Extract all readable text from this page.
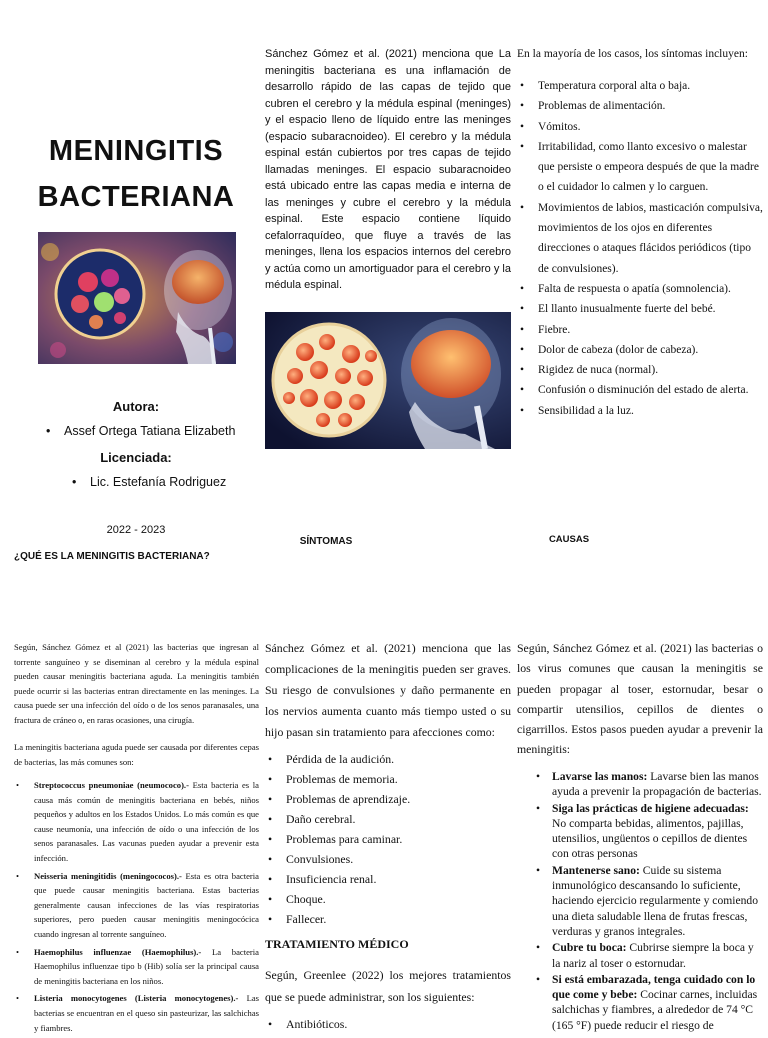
MENINGITIS
BACTERIANA
Autora:
• Assef Ortega Tatiana Elizabeth
Licenciada:
• Lic. Estefanía Rodriguez
2022 - 2023
¿QUÉ ES LA MENINGITIS BACTERIANA?
Sánchez Gómez et al. (2021) menciona que La meningitis bacteriana es una inflamación de desarrollo rápido de las capas de tejido que cubren el cerebro y la médula espinal (meninges) y el espacio lleno de líquido entre las meninges (espacio subaracnoideo). El cerebro y la médula espinal están cubiertos por tres capas de tejido llamadas meninges. El espacio subaracnoideo está ubicado entre las capas media e interna de las meninges y cubre el cerebro y la médula espinal. Este espacio contiene líquido cefalorraquídeo, que fluye a través de las meninges, llena los espacios internos del cerebro y actúa como un amortiguador para el cerebro y la médula espinal.
SÍNTOMAS
En la mayoría de los casos, los síntomas incluyen:
• Temperatura corporal alta o baja.
• Problemas de alimentación.
• Vómitos.
• Irritabilidad, como llanto excesivo o malestar que persiste o empeora después de que la madre o el cuidador lo calmen y lo carguen.
• Movimientos de labios, masticación compulsiva, movimientos de los ojos en diferentes direcciones o ataques flácidos periódicos (tipo de convulsiones).
• Falta de respuesta o apatía (somnolencia).
• El llanto inusualmente fuerte del bebé.
• Fiebre.
• Dolor de cabeza (dolor de cabeza).
• Rigidez de nuca (normal).
• Confusión o disminución del estado de alerta.
• Sensibilidad a la luz.
CAUSAS
Según, Sánchez Gómez et al (2021) las bacterias que ingresan al torrente sanguíneo y se diseminan al cerebro y la médula espinal pueden causar meningitis bacteriana aguda. La meningitis también puede ocurrir si las bacterias entran directamente en las meninges. La causa puede ser una infección del oído o de los senos paranasales, una fractura de cráneo o, en raras ocasiones, una cirugía.
La meningitis bacteriana aguda puede ser causada por diferentes cepas de bacterias, las más comunes son:
• Streptococcus pneumoniae (neumococo).- Esta bacteria es la causa más común de meningitis bacteriana en bebés, niños pequeños y adultos en los Estados Unidos. Lo más común es que cause neumonía, una infección de oído o una infección de los senos paranasales. Las vacunas pueden ayudar a prevenir esta infección.
• Neisseria meningitidis (meningococos).- Esta es otra bacteria que puede causar meningitis bacteriana. Estas bacterias generalmente causan infecciones de las vías respiratorias superiores, pero pueden causar meningitis meningocócica cuando ingresan al torrente sanguíneo.
• Haemophilus influenzae (Haemophilus).- La bacteria Haemophilus influenzae tipo b (Hib) solía ser la principal causa de meningitis bacteriana en los niños.
• Listeria monocytogenes (Listeria monocytogenes).- Las bacterias se encuentran en el queso sin pasteurizar, las salchichas y fiambres.
Sánchez Gómez et al. (2021) menciona que las complicaciones de la meningitis pueden ser graves. Su riesgo de convulsiones y daño permanente en los nervios aumenta cuanto más tiempo usted o su hijo pasan sin tratamiento para afecciones como:
• Pérdida de la audición.
• Problemas de memoria.
• Problemas de aprendizaje.
• Daño cerebral.
• Problemas para caminar.
• Convulsiones.
• Insuficiencia renal.
• Choque.
• Fallecer.
TRATAMIENTO MÉDICO
Según, Greenlee (2022) los mejores tratamientos que se puede administrar, son los siguientes:
• Antibióticos.
Según, Sánchez Gómez et al. (2021) las bacterias o los virus comunes que causan la meningitis se pueden propagar al toser, estornudar, besar o compartir utensilios, cepillos de dientes o cigarrillos. Estos pasos pueden ayudar a prevenir la meningitis:
• Lavarse las manos: Lavarse bien las manos ayuda a prevenir la propagación de bacterias.
• Siga las prácticas de higiene adecuadas: No comparta bebidas, alimentos, pajillas, utensilios, ungüentos o cepillos de dientes con otras personas
• Mantenerse sano: Cuide su sistema inmunológico descansando lo suficiente, haciendo ejercicio regularmente y comiendo una dieta saludable llena de frutas frescas, verduras y granos integrales.
• Cubre tu boca: Cubrirse siempre la boca y la nariz al toser o estornudar.
• Si está embarazada, tenga cuidado con lo que come y bebe: Cocinar carnes, incluidas salchichas y fiambres, a alrededor de 74 °C (165 °F) puede reducir el riesgo de
